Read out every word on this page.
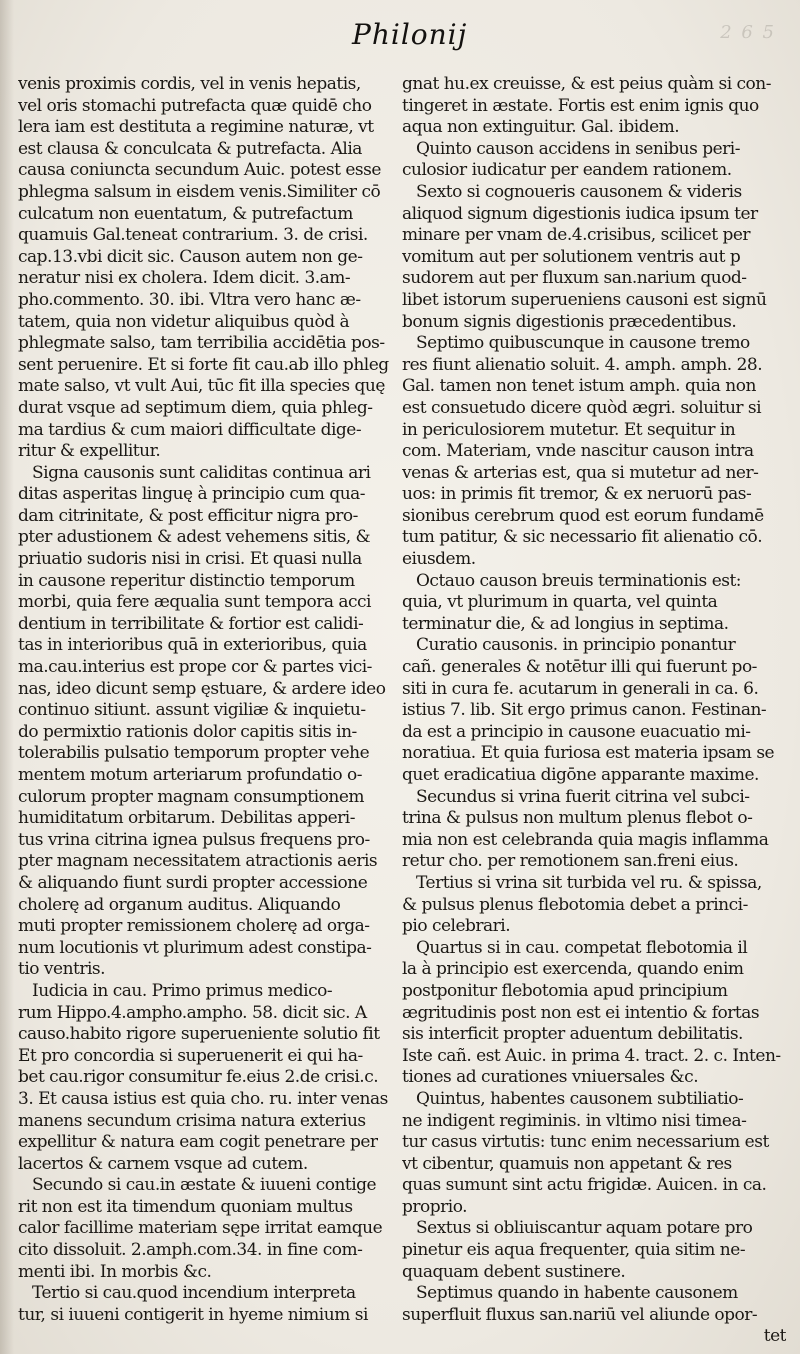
2 6 5
Philonij
venis proximis cordis, vel in venis hepatis,
vel oris stomachi putrefacta quæ quidē cho
lera iam est destituta a regimine naturæ, vt
est clausa & conculcata & putrefacta. Alia
causa coniuncta secundum Auic. potest esse
phlegma salsum in eisdem venis.Similiter cō
culcatum non euentatum, & putrefactum
quamuis Gal.teneat contrarium. 3. de crisi.
cap.13.vbi dicit sic. Causon autem non ge-
neratur nisi ex cholera. Idem dicit. 3.am-
pho.commento. 30. ibi. Vltra vero hanc æ-
tatem, quia non videtur aliquibus quòd à
phlegmate salso, tam terribilia accidētia pos-
sent peruenire. Et si forte fit cau.ab illo phleg
mate salso, vt vult Aui, tūc fit illa species quę
durat vsque ad septimum diem, quia phleg-
ma tardius & cum maiori difficultate dige-
ritur & expellitur.
Signa causonis sunt caliditas continua ari
ditas asperitas linguę à principio cum qua-
dam citrinitate, & post efficitur nigra pro-
pter adustionem & adest vehemens sitis, &
priuatio sudoris nisi in crisi. Et quasi nulla
in causone reperitur distinctio temporum
morbi, quia fere æqualia sunt tempora acci
dentium in terribilitate & fortior est calidi-
tas in interioribus quā in exterioribus, quia
ma.cau.interius est prope cor & partes vici-
nas, ideo dicunt semp ęstuare, & ardere ideo
continuo sitiunt. assunt vigiliæ & inquietu-
do permixtio rationis dolor capitis sitis in-
tolerabilis pulsatio temporum propter vehe
mentem motum arteriarum profundatio o-
culorum propter magnam consumptionem
humiditatum orbitarum. Debilitas apperi-
tus vrina citrina ignea pulsus frequens pro-
pter magnam necessitatem atractionis aeris
& aliquando fiunt surdi propter accessione
cholerę ad organum auditus. Aliquando
muti propter remissionem cholerę ad orga-
num locutionis vt plurimum adest constipa-
tio ventris.
Iudicia in cau. Primo primus medico-
rum Hippo.4.ampho.ampho. 58. dicit sic. A
causo.habito rigore superueniente solutio fit
Et pro concordia si superuenerit ei qui ha-
bet cau.rigor consumitur fe.eius 2.de crisi.c.
3. Et causa istius est quia cho. ru. inter venas
manens secundum crisima natura exterius
expellitur & natura eam cogit penetrare per
lacertos & carnem vsque ad cutem.
Secundo si cau.in æstate & iuueni contige
rit non est ita timendum quoniam multus
calor facillime materiam sępe irritat eamque
cito dissoluit. 2.amph.com.34. in fine com-
menti ibi. In morbis &c.
Tertio si cau.quod incendium interpreta
tur, si iuueni contigerit in hyeme nimium si
gnat hu.ex creuisse, & est peius quàm si con-
tingeret in æstate. Fortis est enim ignis quo
aqua non extinguitur. Gal. ibidem.
Quinto causon accidens in senibus peri-
culosior iudicatur per eandem rationem.
Sexto si cognoueris causonem & videris
aliquod signum digestionis iudica ipsum ter
minare per vnam de.4.crisibus, scilicet per
vomitum aut per solutionem ventris aut p
sudorem aut per fluxum san.narium quod-
libet istorum superueniens causoni est signū
bonum signis digestionis præcedentibus.
Septimo quibuscunque in causone tremo
res fiunt alienatio soluit. 4. amph. amph. 28.
Gal. tamen non tenet istum amph. quia non
est consuetudo dicere quòd ægri. soluitur si
in periculosiorem mutetur. Et sequitur in
com. Materiam, vnde nascitur causon intra
venas & arterias est, qua si mutetur ad ner-
uos: in primis fit tremor, & ex neruorū pas-
sionibus cerebrum quod est eorum fundamē
tum patitur, & sic necessario fit alienatio cō.
eiusdem.
Octauo causon breuis terminationis est:
quia, vt plurimum in quarta, vel quinta
terminatur die, & ad longius in septima.
Curatio causonis. in principio ponantur
cañ. generales & notētur illi qui fuerunt po-
siti in cura fe. acutarum in generali in ca. 6.
istius 7. lib. Sit ergo primus canon. Festinan-
da est a principio in causone euacuatio mi-
noratiua. Et quia furiosa est materia ipsam se
quet eradicatiua digōne apparante maxime.
Secundus si vrina fuerit citrina vel subci-
trina & pulsus non multum plenus flebot o-
mia non est celebranda quia magis inflamma
retur cho. per remotionem san.freni eius.
Tertius si vrina sit turbida vel ru. & spissa,
& pulsus plenus flebotomia debet a princi-
pio celebrari.
Quartus si in cau. competat flebotomia il
la à principio est exercenda, quando enim
postponitur flebotomia apud principium
ægritudinis post non est ei intentio & fortas
sis interficit propter aduentum debilitatis.
Iste cañ. est Auic. in prima 4. tract. 2. c. Inten-
tiones ad curationes vniuersales &c.
Quintus, habentes causonem subtiliatio-
ne indigent regiminis. in vltimo nisi timea-
tur casus virtutis: tunc enim necessarium est
vt cibentur, quamuis non appetant & res
quas sumunt sint actu frigidæ. Auicen. in ca.
proprio.
Sextus si obliuiscantur aquam potare pro
pinetur eis aqua frequenter, quia sitim ne-
quaquam debent sustinere.
Septimus quando in habente causonem
superfluit fluxus san.nariū vel aliunde opor-
tet
